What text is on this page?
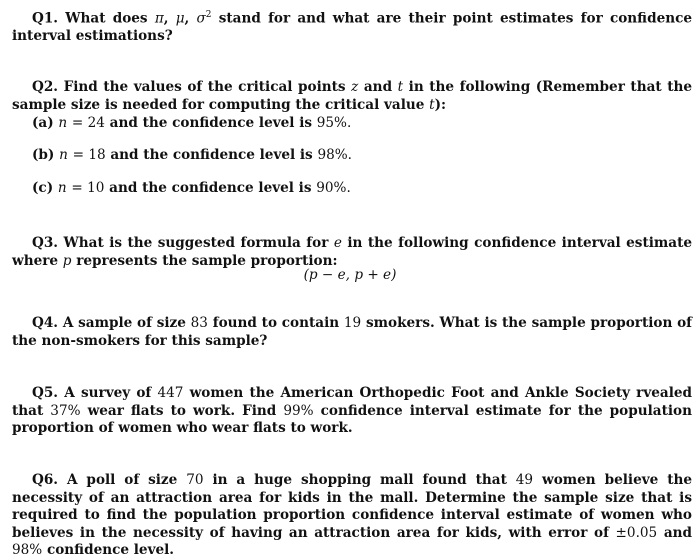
Q1. What does π, μ, $\sigma^2$ stand for and what are their point estimates for confidence interval estimations?

Q2. Find the values of the critical points z and t in the following (Remember that the sample size is needed for computing the critical value t):

(a) n = 24 and the confidence level is 95%.

(b) n = 18 and the confidence level is 98%.

(c) n = 10 and the confidence level is 90%.

Q3. What is the suggested formula for e in the following confidence interval estimate where p represents the sample proportion:

(p − e, p + e)

Q4. A sample of size 83 found to contain 19 smokers. What is the sample proportion of the non-smokers for this sample?

Q5. A survey of 447 women the American Orthopedic Foot and Ankle Society rvealed that 37% wear flats to work. Find 99% confidence interval estimate for the population proportion of women who wear flats to work.

Q6. A poll of size 70 in a huge shopping mall found that 49 women believe the necessity of an attraction area for kids in the mall. Determine the sample size that is required to find the population proportion confidence interval estimate of women who believes in the necessity of having an attraction area for kids, with error of ±0.05 and 98% confidence level.
